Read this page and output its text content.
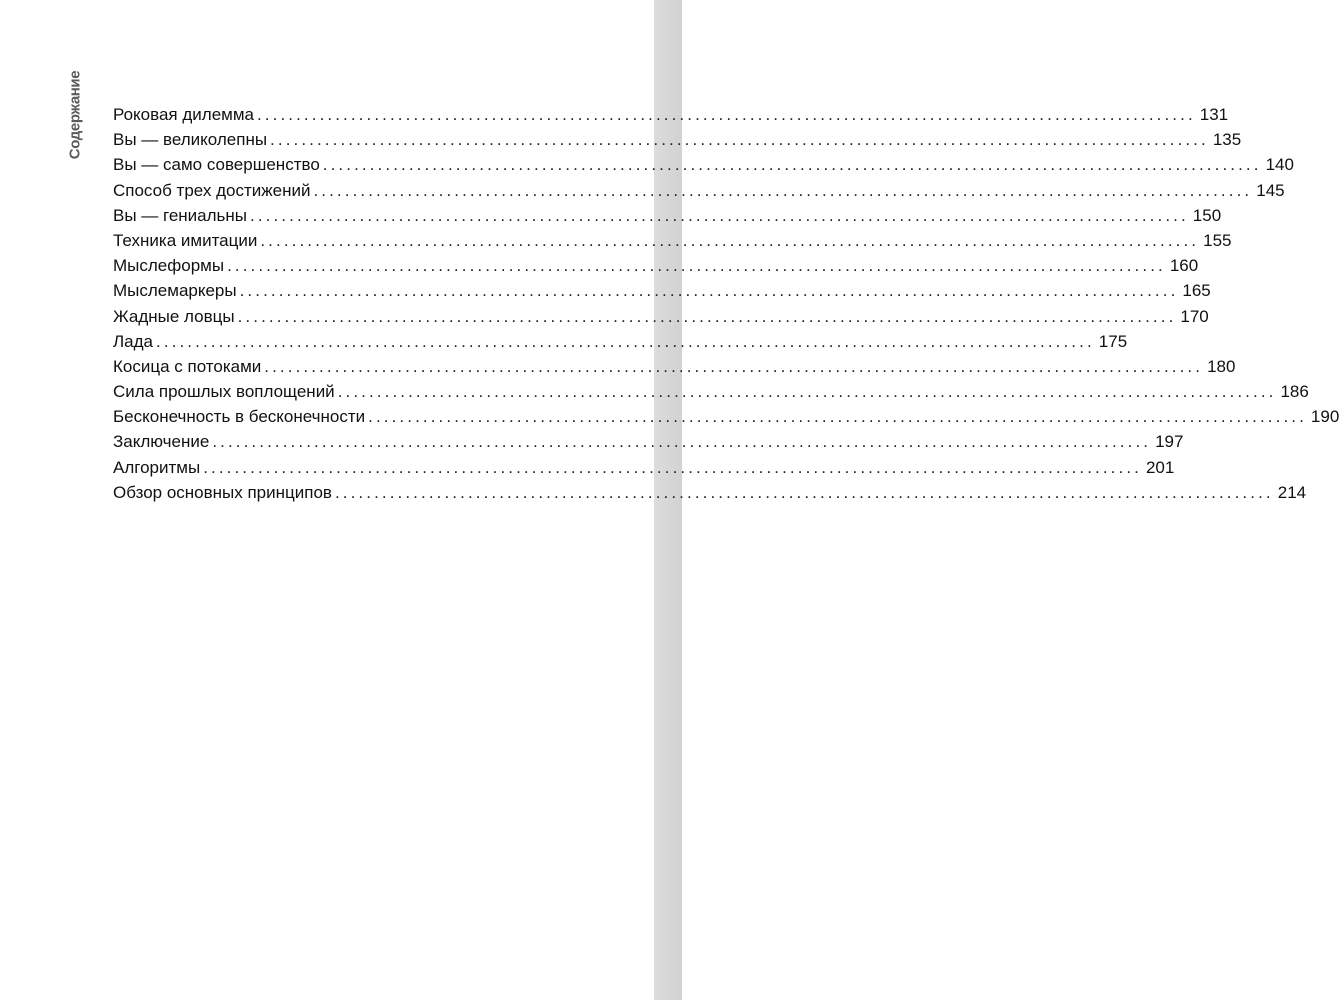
Содержание Роковая дилемма ........................................................................................................................ 131
Вы — великолепны ........................................................................................................................ 135
Вы — само совершенство ........................................................................................................................ 140
Способ трех достижений ........................................................................................................................ 145
Вы — гениальны ........................................................................................................................ 150
Техника имитации ........................................................................................................................ 155
Мыслеформы ........................................................................................................................ 160
Мыслемаркеры ........................................................................................................................ 165
Жадные ловцы ........................................................................................................................ 170
Лада ........................................................................................................................ 175
Косица с потоками ........................................................................................................................ 180
Сила прошлых воплощений ........................................................................................................................ 186
Бесконечность в бесконечности ........................................................................................................................ 190
Заключение ........................................................................................................................ 197
Алгоритмы ........................................................................................................................ 201
Обзор основных принципов ........................................................................................................................ 214
